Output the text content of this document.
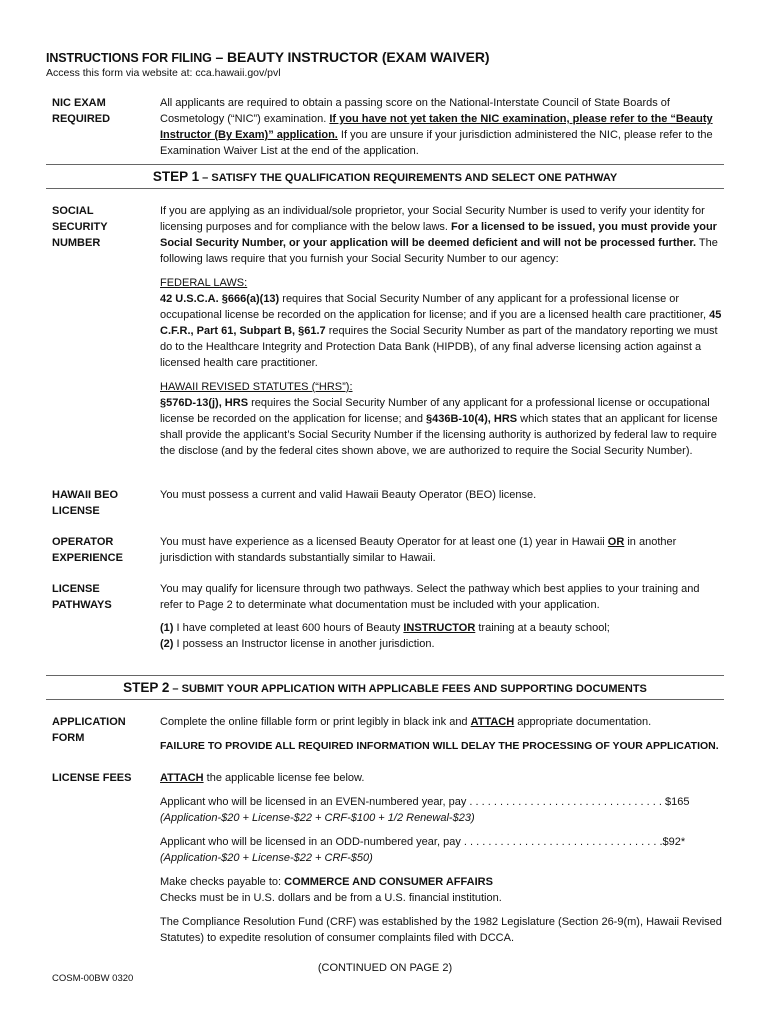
INSTRUCTIONS FOR FILING – BEAUTY INSTRUCTOR (EXAM WAIVER)
Access this form via website at: cca.hawaii.gov/pvl
NIC EXAM
REQUIRED

All applicants are required to obtain a passing score on the National-Interstate Council of State Boards of Cosmetology (“NIC”) examination. If you have not yet taken the NIC examination, please refer to the “Beauty Instructor (By Exam)” application. If you are unsure if your jurisdiction administered the NIC, please refer to the Examination Waiver List at the end of the application.

STEP 1 – SATISFY THE QUALIFICATION REQUIREMENTS AND SELECT ONE PATHWAY
SOCIAL SECURITY
NUMBER

If you are applying as an individual/sole proprietor, your Social Security Number is used to verify your identity for licensing purposes and for compliance with the below laws. For a licensed to be issued, you must provide your Social Security Number, or your application will be deemed deficient and will not be processed further. The following laws require that you furnish your Social Security Number to our agency:

FEDERAL LAWS:

42 U.S.C.A. §666(a)(13) requires that Social Security Number of any applicant for a professional license or occupational license be recorded on the application for license; and if you are a licensed health care practitioner, 45 C.F.R., Part 61, Subpart B, §61.7 requires the Social Security Number as part of the mandatory reporting we must do to the Healthcare Integrity and Protection Data Bank (HIPDB), of any final adverse licensing action against a licensed health care practitioner.

HAWAII REVISED STATUTES (“HRS”):

§576D-13(j), HRS requires the Social Security Number of any applicant for a professional license or occupational license be recorded on the application for license; and §436B-10(4), HRS which states that an applicant for license shall provide the applicant’s Social Security Number if the licensing authority is authorized by federal law to require the disclose (and by the federal cites shown above, we are authorized to require the Social Security Number).

HAWAII BEO
LICENSE
You must possess a current and valid Hawaii Beauty Operator (BEO) license.
OPERATOR
EXPERIENCE

You must have experience as a licensed Beauty Operator for at least one (1) year in Hawaii OR in another jurisdiction with standards substantially similar to Hawaii.

LICENSE
PATHWAYS

You may qualify for licensure through two pathways. Select the pathway which best applies to your training and refer to Page 2 to determinate what documentation must be included with your application.

(1) I have completed at least 600 hours of Beauty INSTRUCTOR training at a beauty school;

(2) I possess an Instructor license in another jurisdiction.

STEP 2 – SUBMIT YOUR APPLICATION WITH APPLICABLE FEES AND SUPPORTING DOCUMENTS
APPLICATION
FORM

Complete the online fillable form or print legibly in black ink and ATTACH appropriate documentation.

FAILURE TO PROVIDE ALL REQUIRED INFORMATION WILL DELAY THE PROCESSING OF YOUR APPLICATION.

LICENSE FEES	ATTACH the applicable license fee below.

Applicant who will be licensed in an EVEN-numbered year, pay . . . . . . . . . . . . . . . . . . . . . . . . . . . . . . . . $165

(Application-$20 + License-$22 + CRF-$100 + 1/2 Renewal-$23)

Applicant who will be licensed in an ODD-numbered year, pay . . . . . . . . . . . . . . . . . . . . . . . . . . . . . . . . .$92*

(Application-$20 + License-$22 + CRF-$50)

Make checks payable to: COMMERCE AND CONSUMER AFFAIRS

Checks must be in U.S. dollars and be from a U.S. financial institution.

The Compliance Resolution Fund (CRF) was established by the 1982 Legislature (Section 26-9(m), Hawaii Revised Statutes) to expedite resolution of consumer complaints filed with DCCA.

(CONTINUED ON PAGE 2)
COSM-00BW 0320
